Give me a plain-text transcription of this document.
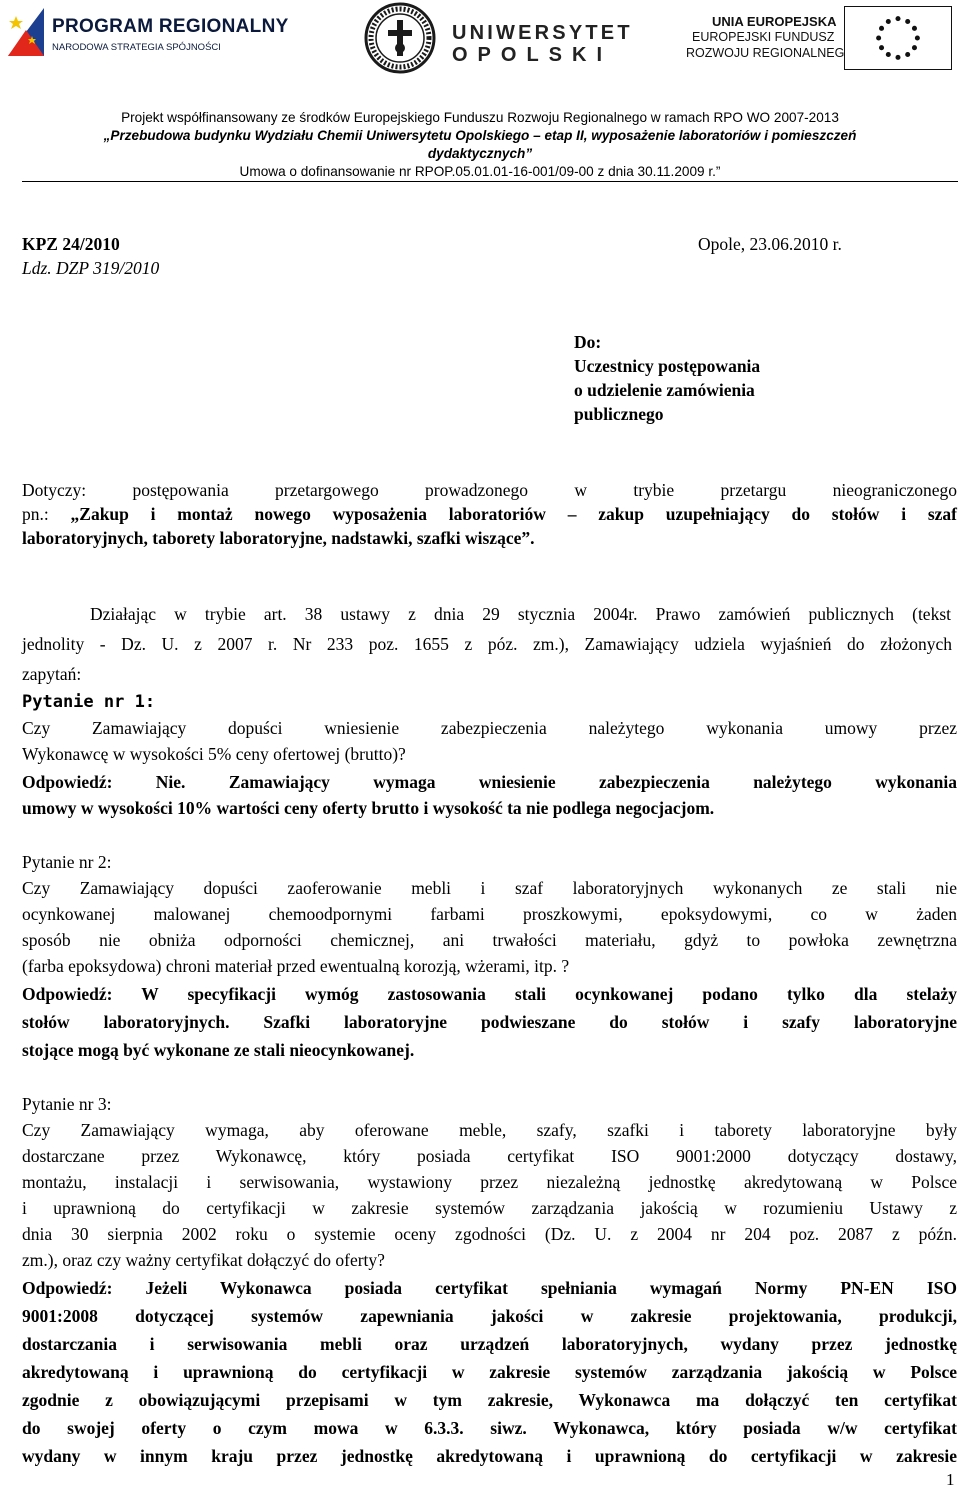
PROGRAM REGIONALNY
NARODOWA STRATEGIA SPÓJNOŚCI
UNIWERSYTET
OPOLSKI
UNIA EUROPEJSKA
EUROPEJSKI FUNDUSZ
ROZWOJU REGIONALNEGO
Projekt współfinansowany ze środków Europejskiego Funduszu Rozwoju Regionalnego w ramach RPO WO 2007-2013
„Przebudowa budynku Wydziału Chemii Uniwersytetu Opolskiego – etap II, wyposażenie laboratoriów i pomieszczeń
dydaktycznych”
Umowa o dofinansowanie nr RPOP.05.01.01-16-001/09-00 z dnia 30.11.2009 r.”
KPZ 24/2010
Ldz. DZP 319/2010
Opole, 23.06.2010 r.
Do:
Uczestnicy postępowania
o udzielenie zamówienia
publicznego
Dotyczy: postępowania przetargowego prowadzonego w trybie przetargu nieograniczonego
pn.: „Zakup i montaż nowego wyposażenia laboratoriów – zakup uzupełniający do stołów i szaf
laboratoryjnych, taborety laboratoryjne, nadstawki, szafki wiszące”.
Działając w trybie art. 38 ustawy z dnia 29 stycznia 2004r. Prawo zamówień publicznych (tekst
jednolity - Dz. U. z 2007 r. Nr 233 poz. 1655 z póz. zm.), Zamawiający udziela wyjaśnień do złożonych
zapytań:
Pytanie nr 1:
Czy Zamawiający dopuści wniesienie zabezpieczenia należytego wykonania umowy przez
Wykonawcę w wysokości 5% ceny ofertowej (brutto)?
Odpowiedź: Nie. Zamawiający wymaga wniesienie zabezpieczenia należytego wykonania
umowy w wysokości 10% wartości ceny oferty brutto i wysokość ta nie podlega negocjacjom.
Pytanie nr 2:
Czy Zamawiający dopuści zaoferowanie mebli i szaf laboratoryjnych wykonanych ze stali nie
ocynkowanej malowanej chemoodpornymi farbami proszkowymi, epoksydowymi, co w żaden
sposób nie obniża odporności chemicznej, ani trwałości materiału, gdyż to powłoka zewnętrzna
(farba epoksydowa) chroni materiał przed ewentualną korozją, wżerami, itp. ?
Odpowiedź: W specyfikacji wymóg zastosowania stali ocynkowanej podano tylko dla stelaży
stołów laboratoryjnych. Szafki laboratoryjne podwieszane do stołów i szafy laboratoryjne
stojące mogą być wykonane ze stali nieocynkowanej.
Pytanie nr 3:
Czy Zamawiający wymaga, aby oferowane meble, szafy, szafki i taborety laboratoryjne były
dostarczane przez Wykonawcę, który posiada certyfikat ISO 9001:2000 dotyczący dostawy,
montażu, instalacji i serwisowania, wystawiony przez niezależną jednostkę akredytowaną w Polsce
i uprawnioną do certyfikacji w zakresie systemów zarządzania jakością w rozumieniu Ustawy z
dnia 30 sierpnia 2002 roku o systemie oceny zgodności (Dz. U. z 2004 nr 204 poz. 2087 z późn.
zm.), oraz czy ważny certyfikat dołączyć do oferty?
Odpowiedź: Jeżeli Wykonawca posiada certyfikat spełniania wymagań Normy PN-EN ISO
9001:2008 dotyczącej systemów zapewniania jakości w zakresie projektowania, produkcji,
dostarczania i serwisowania mebli oraz urządzeń laboratoryjnych, wydany przez jednostkę
akredytowaną i uprawnioną do certyfikacji w zakresie systemów zarządzania jakością w Polsce
zgodnie z obowiązującymi przepisami w tym zakresie, Wykonawca ma dołączyć ten certyfikat
do swojej oferty o czym mowa w 6.3.3. siwz. Wykonawca, który posiada w/w certyfikat
wydany w innym kraju przez jednostkę akredytowaną i uprawnioną do certyfikacji w zakresie
1
